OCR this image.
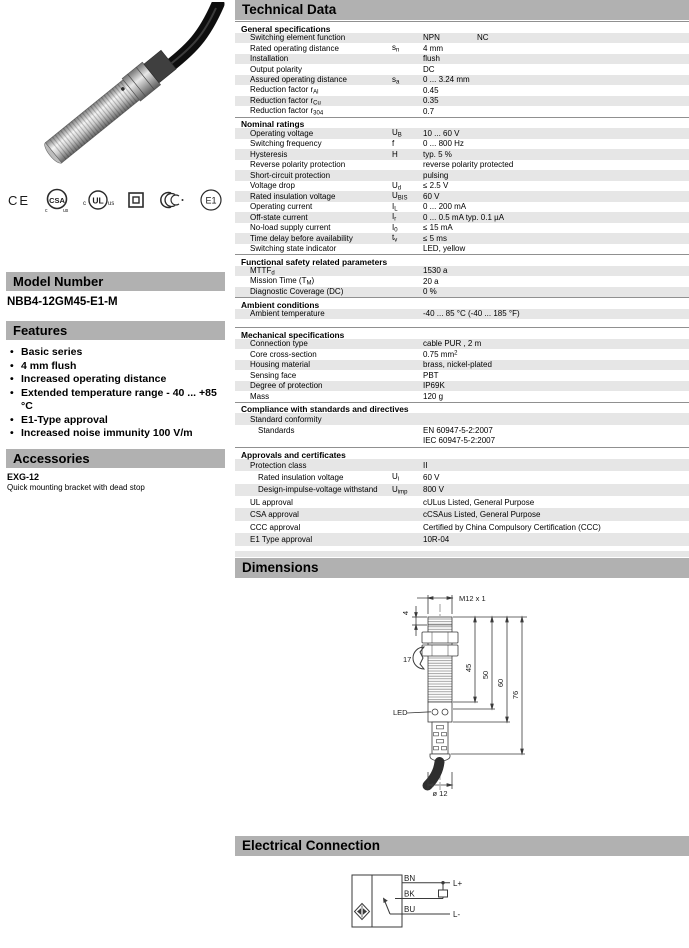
CE	CSA
c	us
UL
c	us	E1
Model Number
NBB4-12GM45-E1-M
Features
• Basic series
• 4 mm flush
• Increased operating distance
• Extended temperature range - 40 ... +85 °C
• E1-Type approval
• Increased noise immunity 100 V/m
Accessories
EXG-12
Quick mounting bracket with dead stop
Technical Data
General specifications
Switching element function	NPN	NC
Rated operating distance	$s_n$	4 mm
Installation	flush
Output polarity	DC
Assured operating distance	$s_a$	0 ... 3.24 mm
Reduction factor $r_{Al}$	0.45
Reduction factor $r_{Cu}$	0.35
Reduction factor $r_{304}$	0.7
Nominal ratings
Operating voltage	$U_B$	10 ... 60 V
Switching frequency	f	0 ... 800 Hz
Hysteresis	H	typ. 5 %
Reverse polarity protection	reverse polarity protected
Short-circuit protection	pulsing
Voltage drop	$U_d$	≤ 2.5 V
Rated insulation voltage	$U_{BIS}$	60 V
Operating current	$I_L$	0 ... 200 mA
Off-state current	$I_r$	0 ... 0.5 mA typ. 0.1 µA
No-load supply current	$I_0$	≤ 15 mA
Time delay before availability	$t_v$	≤ 5 ms
Switching state indicator	LED, yellow
Functional safety related parameters
$MTTF_d$	1530 a
Mission Time $(T_M)$	20 a
Diagnostic Coverage (DC)	0 %
Ambient conditions
Ambient temperature	-40 ... 85 °C (-40 ... 185 °F)
Mechanical specifications
Connection type	cable PUR , 2 m
Core cross-section	0.75 $mm^2$
Housing material	brass, nickel-plated
Sensing face	PBT
Degree of protection	IP69K
Mass	120 g
Compliance with standards and directives
Standard conformity
Standards	EN 60947-5-2:2007
IEC 60947-5-2:2007
Approvals and certificates
Protection class	II
Rated insulation voltage	$U_i$	60 V
Design-impulse-voltage withstand	$U_{imp}$	800 V
UL approval	cULus Listed, General Purpose
CSA approval	cCSAus Listed, General Purpose
CCC approval	Certified by China Compulsory Certification (CCC)
E1 Type approval	10R-04
Dimensions
M12 x 1
4
17
LED
45
50
60
76
ø 12
Electrical Connection
BN
BK
BU
L+
L-
